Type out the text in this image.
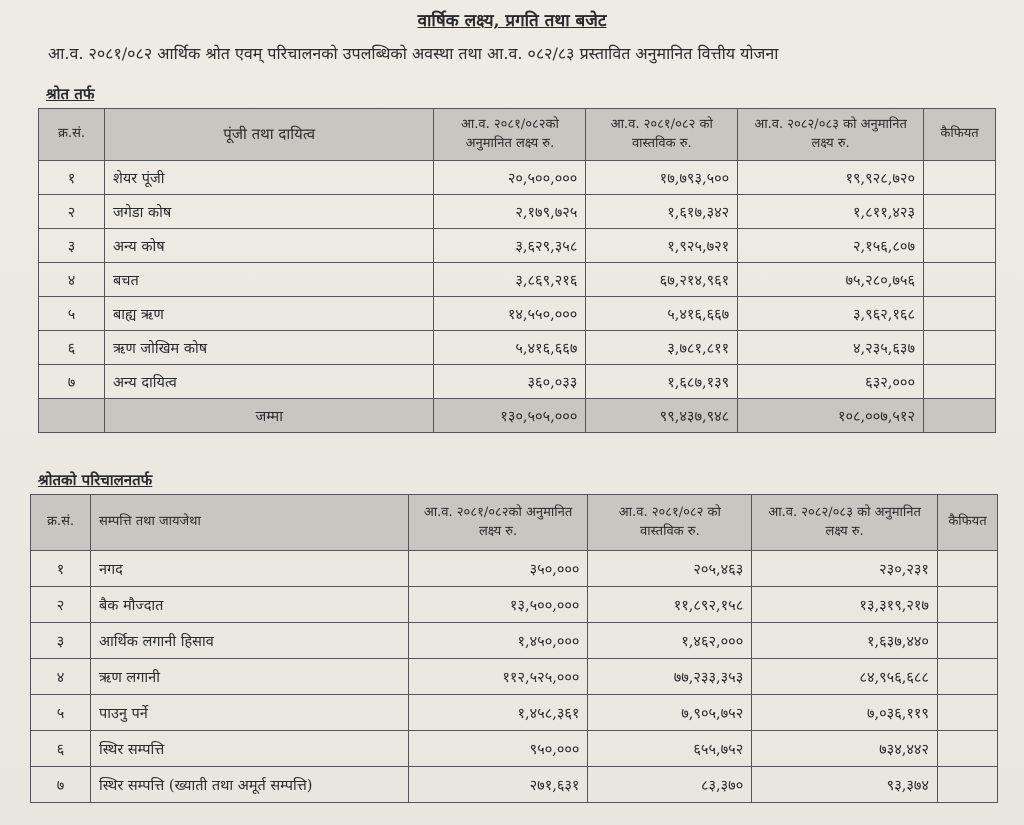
वार्षिक लक्ष्य, प्रगति तथा बजेट
आ.व. २०८१/०८२ आर्थिक श्रोत एवम् परिचालनको उपलब्धिको अवस्था तथा आ.व. ०८२/८३ प्रस्तावित अनुमानित वित्तीय योजना
श्रोत तर्फ
क्र.सं.	पूंजी तथा दायित्व	आ.व. २०८१/०८२को अनुमानित लक्ष्य रु.	आ.व. २०८१/०८२ को वास्तविक रु.	आ.व. २०८२/०८३ को अनुमानित लक्ष्य रु.	कैफियत
१	शेयर पूंजी	२०,५००,०००	१७,७९३,५००	१९,९२८,७२०	
२	जगेडा कोष	२,१७९,७२५	१,६१७,३४२	१,८११,४२३	
३	अन्य कोष	३,६२९,३५८	१,९२५,७२१	२,१५६,८०७	
४	बचत	३,८६९,२१६	६७,२१४,९६१	७५,२८०,७५६	
५	बाह्य ऋण	१४,५५०,०००	५,४१६,६६७	३,९६२,१६८	
६	ऋण जोखिम कोष	५,४१६,६६७	३,७८१,८११	४,२३५,६३७	
७	अन्य दायित्व	३६०,०३३	१,६८७,१३९	६३२,०००	
	जम्मा	१३०,५०५,०००	९९,४३७,९४८	१०८,००७,५१२	
श्रोतको परिचालनतर्फ
क्र.सं.	सम्पत्ति तथा जायजेथा	आ.व. २०८१/०८२को अनुमानित लक्ष्य रु.	आ.व. २०८१/०८२ को वास्तविक रु.	आ.व. २०८२/०८३ को अनुमानित लक्ष्य रु.	कैफियत
१	नगद	३५०,०००	२०५,४६३	२३०,२३१	
२	बैक मौज्दात	१३,५००,०००	११,८९२,१५८	१३,३१९,२१७	
३	आर्थिक लगानी हिसाव	१,४५०,०००	१,४६२,०००	१,६३७,४४०	
४	ऋण लगानी	११२,५२५,०००	७७,२३३,३५३	८४,९५६,६८८	
५	पाउनु पर्ने	१,४५८,३६१	७,९०५,७५२	७,०३६,११९	
६	स्थिर सम्पत्ति	९५०,०००	६५५,७५२	७३४,४४२	
७	स्थिर सम्पत्ति (ख्याती तथा अमूर्त सम्पत्ति)	२७१,६३१	८३,३७०	९३,३७४	
